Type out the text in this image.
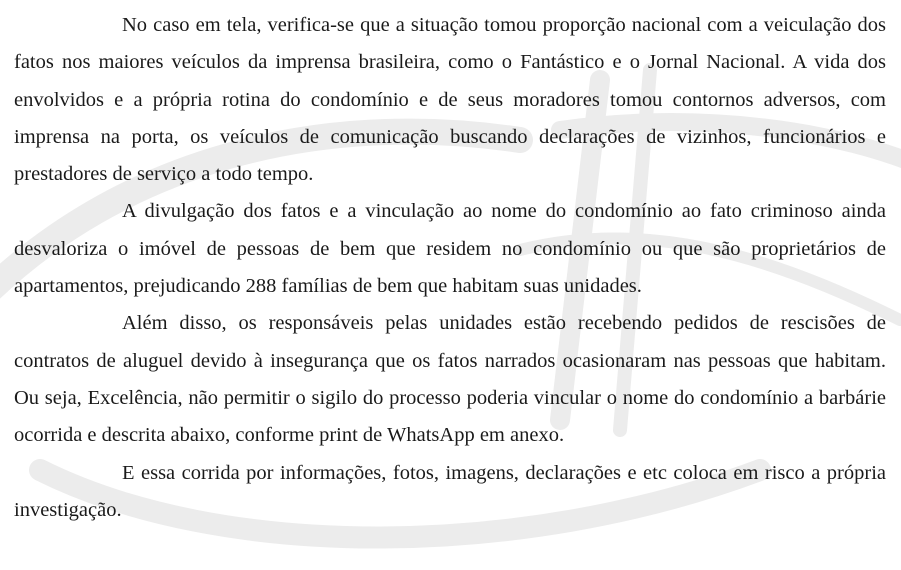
No caso em tela, verifica-se que a situação tomou proporção nacional com a veiculação dos fatos nos maiores veículos da imprensa brasileira, como o Fantástico e o Jornal Nacional. A vida dos envolvidos e a própria rotina do condomínio e de seus moradores tomou contornos adversos, com imprensa na porta, os veículos de comunicação buscando declarações de vizinhos, funcionários e prestadores de serviço a todo tempo.

A divulgação dos fatos e a vinculação ao nome do condomínio ao fato criminoso ainda desvaloriza o imóvel de pessoas de bem que residem no condomínio ou que são proprietários de apartamentos, prejudicando 288 famílias de bem que habitam suas unidades.

Além disso, os responsáveis pelas unidades estão recebendo pedidos de rescisões de contratos de aluguel devido à insegurança que os fatos narrados ocasionaram nas pessoas que habitam. Ou seja, Excelência, não permitir o sigilo do processo poderia vincular o nome do condomínio a barbárie ocorrida e descrita abaixo, conforme print de WhatsApp em anexo.

E essa corrida por informações, fotos, imagens, declarações e etc coloca em risco a própria investigação.
